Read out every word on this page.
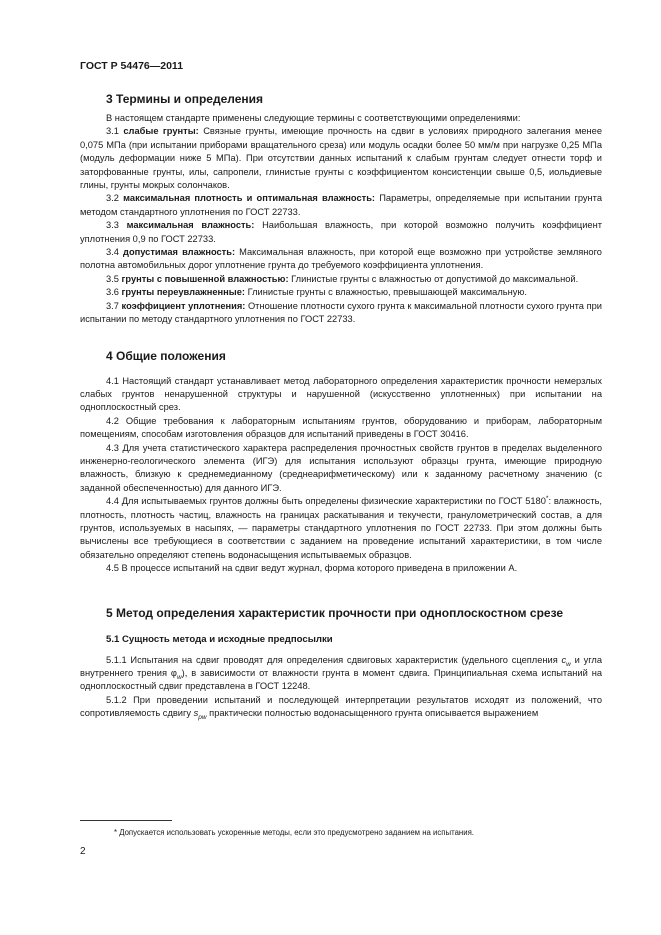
ГОСТ Р 54476—2011
3 Термины и определения

В настоящем стандарте применены следующие термины с соответствующими определениями:

3.1 слабые грунты: Связные грунты, имеющие прочность на сдвиг в условиях природного залегания менее 0,075 МПа (при испытании приборами вращательного среза) или модуль осадки более 50 мм/м при нагрузке 0,25 МПа (модуль деформации ниже 5 МПа). При отсутствии данных испытаний к слабым грунтам следует отнести торф и заторфованные грунты, илы, сапропели, глинистые грунты с коэффициентом консистенции свыше 0,5, иольдиевые глины, грунты мокрых солончаков.

3.2 максимальная плотность и оптимальная влажность: Параметры, определяемые при испытании грунта методом стандартного уплотнения по ГОСТ 22733.

3.3 максимальная влажность: Наибольшая влажность, при которой возможно получить коэффициент уплотнения 0,9 по ГОСТ 22733.

3.4 допустимая влажность: Максимальная влажность, при которой еще возможно при устройстве земляного полотна автомобильных дорог уплотнение грунта до требуемого коэффициента уплотнения.

3.5 грунты с повышенной влажностью: Глинистые грунты с влажностью от допустимой до максимальной.

3.6 грунты переувлажненные: Глинистые грунты с влажностью, превышающей максимальную.

3.7 коэффициент уплотнения: Отношение плотности сухого грунта к максимальной плотности сухого грунта при испытании по методу стандартного уплотнения по ГОСТ 22733.

4 Общие положения

4.1 Настоящий стандарт устанавливает метод лабораторного определения характеристик прочности немерзлых слабых грунтов ненарушенной структуры и нарушенной (искусственно уплотненных) при испытании на одноплоскостный срез.

4.2 Общие требования к лабораторным испытаниям грунтов, оборудованию и приборам, лабораторным помещениям, способам изготовления образцов для испытаний приведены в ГОСТ 30416.

4.3 Для учета статистического характера распределения прочностных свойств грунтов в пределах выделенного инженерно-геологического элемента (ИГЭ) для испытания используют образцы грунта, имеющие природную влажность, близкую к среднемедианному (среднеарифметическому) или к заданному расчетному значению (с заданной обеспеченностью) для данного ИГЭ.

4.4 Для испытываемых грунтов должны быть определены физические характеристики по ГОСТ 5180*: влажность, плотность, плотность частиц, влажность на границах раскатывания и текучести, гранулометрический состав, а для грунтов, используемых в насыпях, — параметры стандартного уплотнения по ГОСТ 22733. При этом должны быть вычислены все требующиеся в соответствии с заданием на проведение испытаний характеристики, в том числе обязательно определяют степень водонасыщения испытываемых образцов.

4.5 В процессе испытаний на сдвиг ведут журнал, форма которого приведена в приложении А.

5 Метод определения характеристик прочности при одноплоскостном срезе
5.1 Сущность метода и исходные предпосылки

5.1.1 Испытания на сдвиг проводят для определения сдвиговых характеристик (удельного сцепления $c_w$ и угла внутреннего трения $\varphi_w$), в зависимости от влажности грунта в момент сдвига. Принципиальная схема испытаний на одноплоскостный сдвиг представлена в ГОСТ 12248.

5.1.2 При проведении испытаний и последующей интерпретации результатов исходят из положений, что сопротивляемость сдвигу $s_{pw}$ практически полностью водонасыщенного грунта описывается выражением

* Допускается использовать ускоренные методы, если это предусмотрено заданием на испытания.
2
